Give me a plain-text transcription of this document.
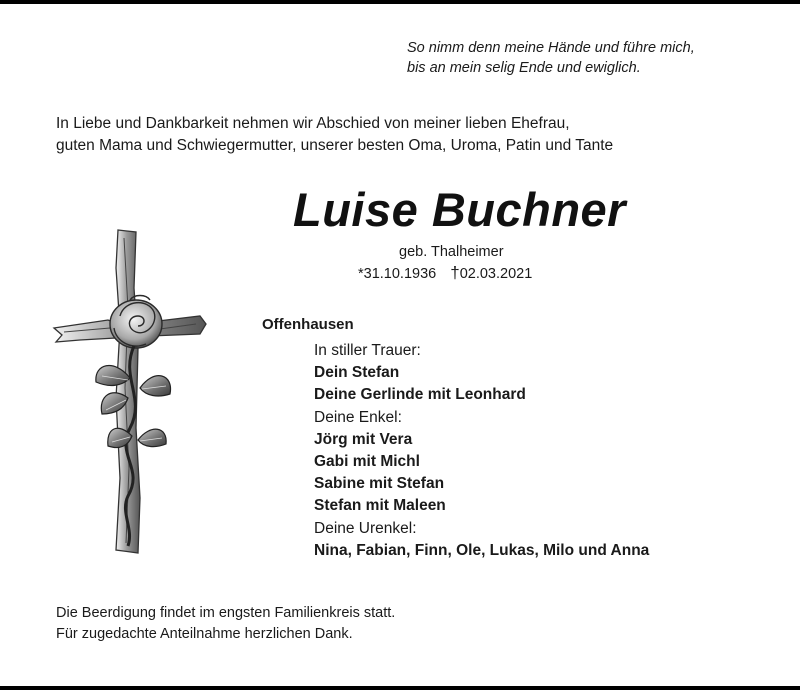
So nimm denn meine Hände und führe mich,
bis an mein selig Ende und ewiglich.
In Liebe und Dankbarkeit nehmen wir Abschied von meiner lieben Ehefrau,
guten Mama und Schwiegermutter, unserer besten Oma, Uroma, Patin und Tante
Luise Buchner
geb. Thalheimer
*31.10.1936 †02.03.2021
Offenhausen
In stiller Trauer:
Dein Stefan
Deine Gerlinde mit Leonhard
Deine Enkel:
Jörg mit Vera
Gabi mit Michl
Sabine mit Stefan
Stefan mit Maleen
Deine Urenkel:
Nina, Fabian, Finn, Ole, Lukas, Milo und Anna
Die Beerdigung findet im engsten Familienkreis statt.
Für zugedachte Anteilnahme herzlichen Dank.
